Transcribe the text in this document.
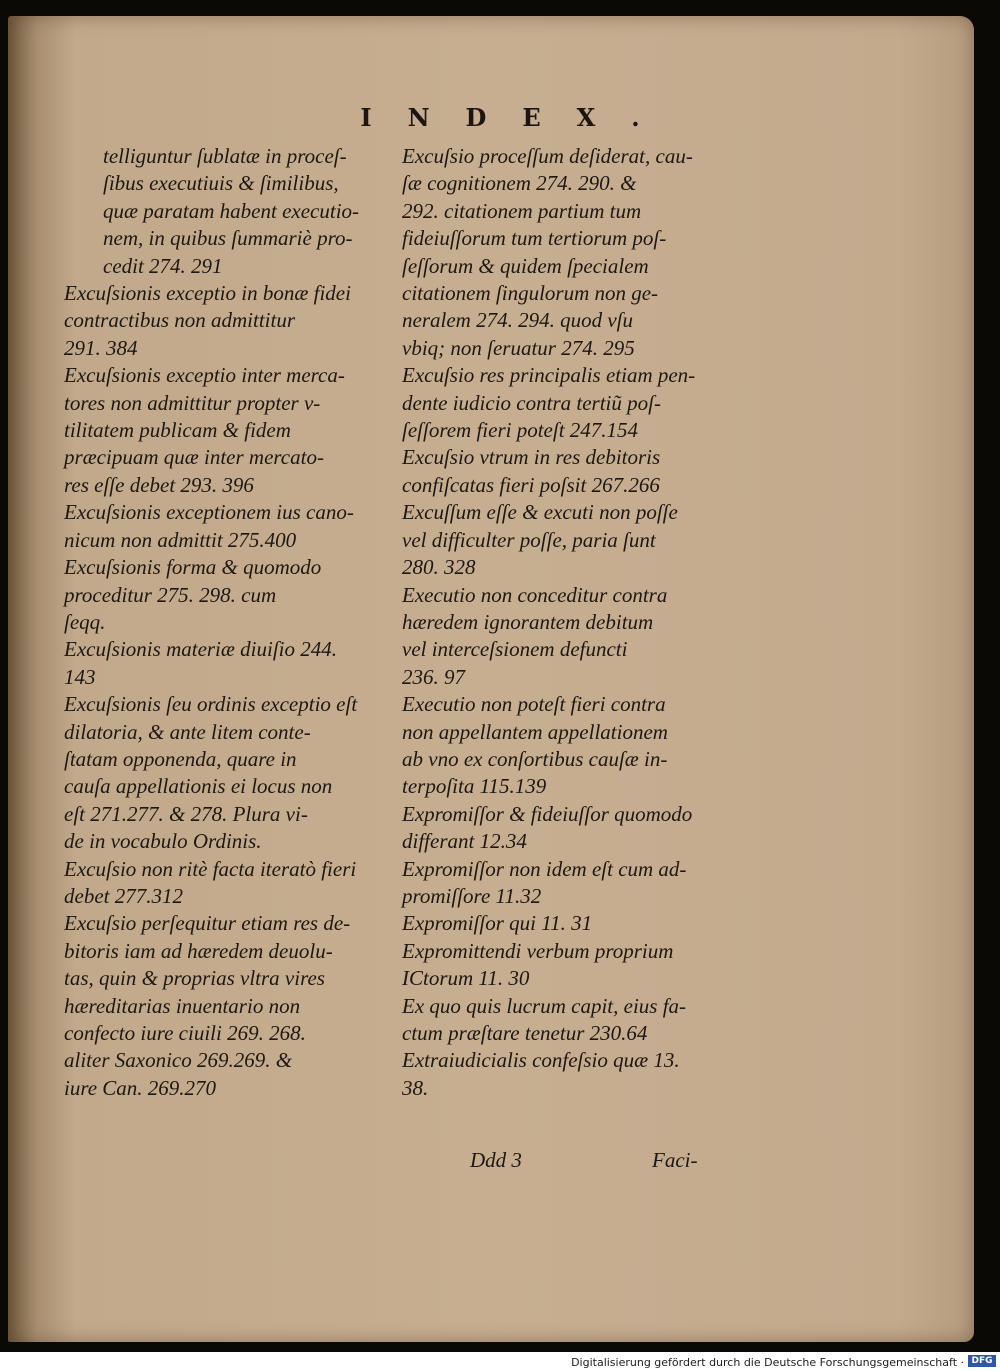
INDEX.
telliguntur ſublatæ in proceſ-
ſibus executiuis & ſimilibus,
quæ paratam habent executio-
nem, in quibus ſummariè pro-
cedit 274. 291
Excuſsionis exceptio in bonæ fidei
contractibus non admittitur
291. 384
Excuſsionis exceptio inter merca-
tores non admittitur propter v-
tilitatem publicam & fidem
præcipuam quæ inter mercato-
res eſſe debet 293. 396
Excuſsionis exceptionem ius cano-
nicum non admittit 275.400
Excuſsionis forma & quomodo
proceditur 275. 298. cum
ſeqq.
Excuſsionis materiæ diuiſio 244.
143
Excuſsionis ſeu ordinis exceptio eſt
dilatoria, & ante litem conte-
ſtatam opponenda, quare in
cauſa appellationis ei locus non
eſt 271.277. & 278. Plura vi-
de in vocabulo Ordinis.
Excuſsio non ritè facta iteratò fieri
debet 277.312
Excuſsio perſequitur etiam res de-
bitoris iam ad hæredem deuolu-
tas, quin & proprias vltra vires
hæreditarias inuentario non
confecto iure ciuili 269. 268.
aliter Saxonico 269.269. &
iure Can. 269.270
Excuſsio proceſſum deſiderat, cau-
ſæ cognitionem 274. 290. &
292. citationem partium tum
fideiuſſorum tum tertiorum poſ-
ſeſſorum & quidem ſpecialem
citationem ſingulorum non ge-
neralem 274. 294. quod vſu
vbiq; non ſeruatur 274. 295
Excuſsio res principalis etiam pen-
dente iudicio contra tertiũ poſ-
ſeſſorem fieri poteſt 247.154
Excuſsio vtrum in res debitoris
confiſcatas fieri poſsit 267.266
Excuſſum eſſe & excuti non poſſe
vel difficulter poſſe, paria ſunt
280. 328
Executio non conceditur contra
hæredem ignorantem debitum
vel interceſsionem defuncti
236. 97
Executio non poteſt fieri contra
non appellantem appellationem
ab vno ex conſortibus cauſæ in-
terpoſita 115.139
Expromiſſor & fideiuſſor quomodo
differant 12.34
Expromiſſor non idem eſt cum ad-
promiſſore 11.32
Expromiſſor qui 11. 31
Expromittendi verbum proprium
ICtorum 11. 30
Ex quo quis lucrum capit, eius fa-
ctum præſtare tenetur 230.64
Extraiudicialis confeſsio quæ 13.
38.
Ddd 3	Faci-
Digitalisierung gefördert durch die Deutsche Forschungsgemeinschaft · DFG
